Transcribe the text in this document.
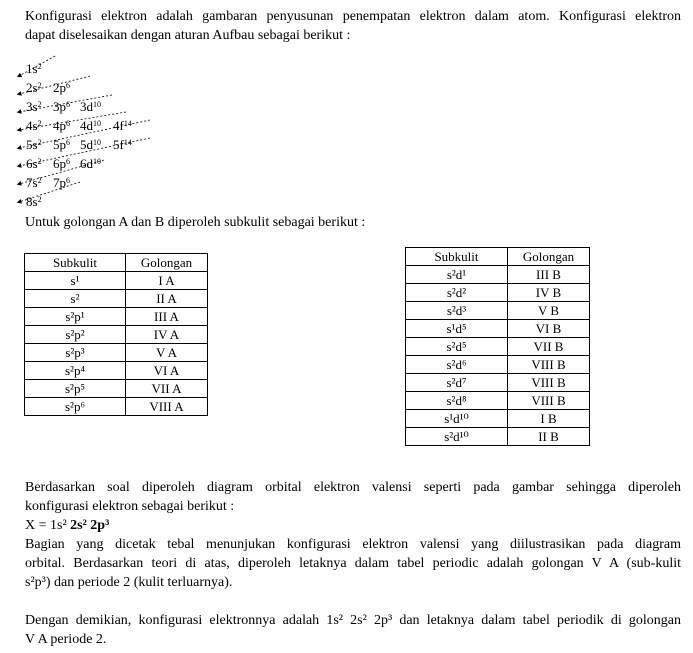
Konfigurasi elektron adalah gambaran penyusunan penempatan elektron dalam atom. Konfigurasi elektron

dapat diselesaikan dengan aturan Aufbau sebagai berikut :

$1s^2$
$2s^2$ $2p^6$
$3s^2$ $3p^6$ $3d^{10}$
$4s^2$ $4p^6$ $4d^{10}$ $4f^{14}$
$5s^2$ $5p^6$ $5d^{10}$ $5f^{14}$
$6s^2$ $6p^6$ $6d^{10}$
$7s^2$ $7p^6$
$8s^2$

Untuk golongan A dan B diperoleh subkulit sebagai berikut :

Subkulit	Golongan
s¹	I A
s²	II A
s²p¹	III A
s²p²	IV A
s²p³	V A
s²p⁴	VI A
s²p⁵	VII A
s²p⁶	VIII A
Subkulit	Golongan
s²d¹	III B
s²d²	IV B
s²d³	V B
s¹d⁵	VI B
s²d⁵	VII B
s²d⁶	VIII B
s²d⁷	VIII B
s²d⁸	VIII B
s¹d¹⁰	I B
s²d¹⁰	II B

Berdasarkan soal diperoleh diagram orbital elektron valensi seperti pada gambar sehingga diperoleh

konfigurasi elektron sebagai berikut :

X = 1s² 2s² 2p³

Bagian yang dicetak tebal menunjukan konfigurasi elektron valensi yang diilustrasikan pada diagram

orbital. Berdasarkan teori di atas, diperoleh letaknya dalam tabel periodic adalah golongan V A (sub-kulit

s²p³) dan periode 2 (kulit terluarnya).

Dengan demikian, konfigurasi elektronnya adalah 1s² 2s² 2p³ dan letaknya dalam tabel periodik di golongan

V A periode 2.
